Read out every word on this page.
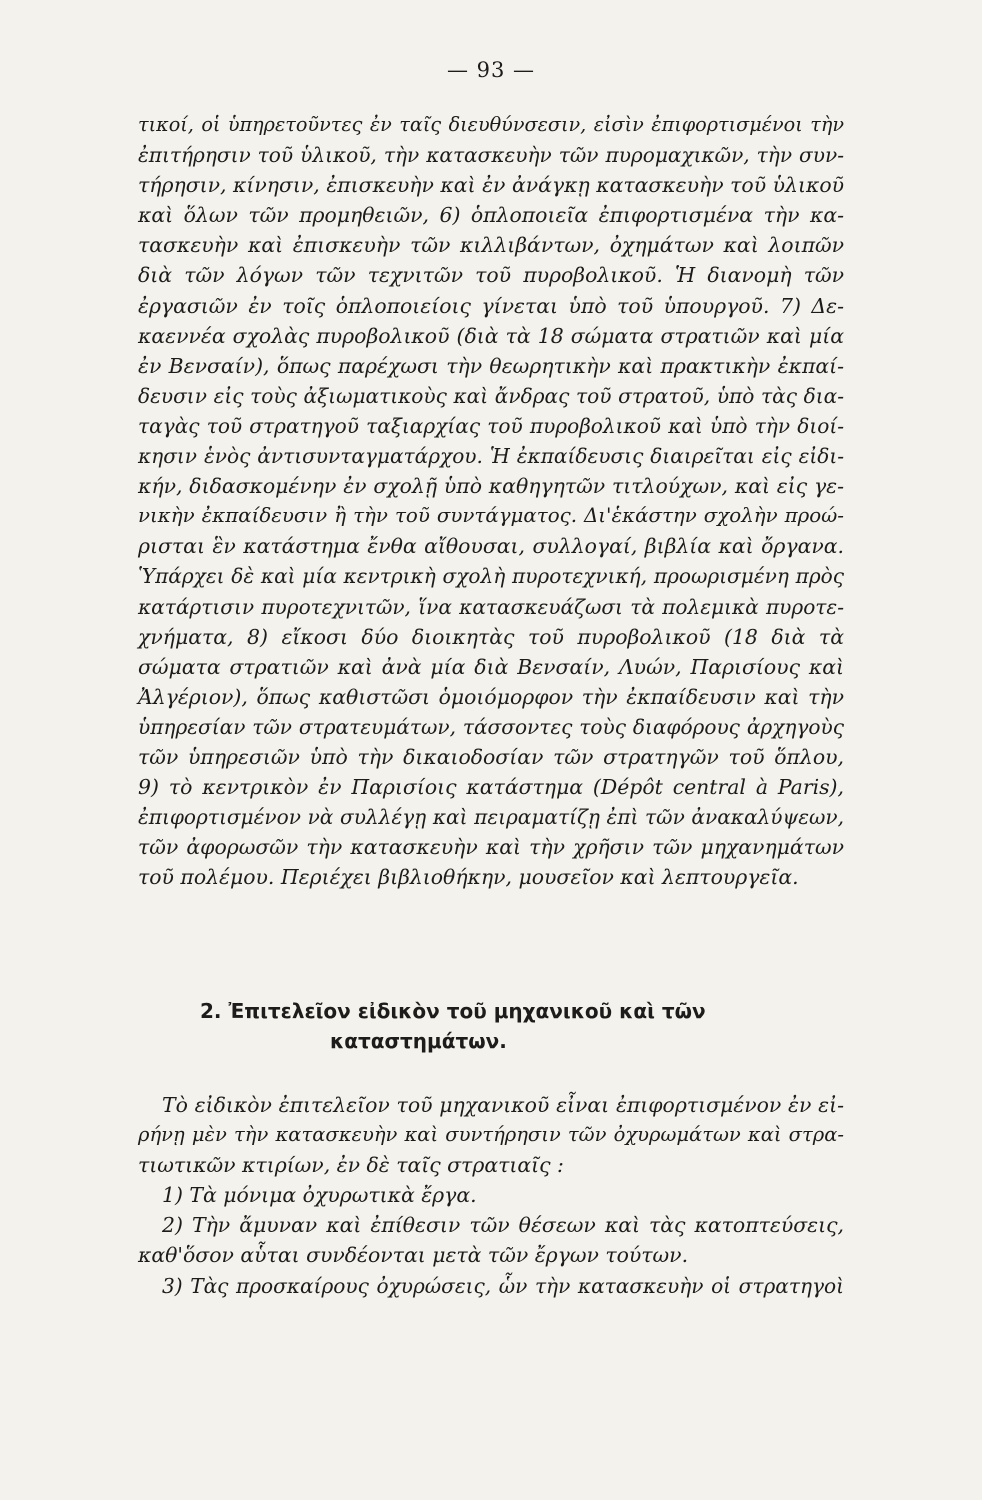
— 93 —
τικοί, οἱ ὑπηρετοῦντες ἐν ταῖς διευθύνσεσιν, εἰσὶν ἐπιφορτισμένοι τὴν
ἐπιτήρησιν τοῦ ὑλικοῦ, τὴν κατασκευὴν τῶν πυρομαχικῶν, τὴν συν-
τήρησιν, κίνησιν, ἐπισκευὴν καὶ ἐν ἀνάγκῃ κατασκευὴν τοῦ ὑλικοῦ
καὶ ὅλων τῶν προμηθειῶν, 6) ὁπλοποιεῖα ἐπιφορτισμένα τὴν κα-
τασκευὴν καὶ ἐπισκευὴν τῶν κιλλιβάντων, ὀχημάτων καὶ λοιπῶν
διὰ τῶν λόγων τῶν τεχνιτῶν τοῦ πυροβολικοῦ. Ἡ διανομὴ τῶν
ἐργασιῶν ἐν τοῖς ὁπλοποιείοις γίνεται ὑπὸ τοῦ ὑπουργοῦ. 7) Δε-
καεννέα σχολὰς πυροβολικοῦ (διὰ τὰ 18 σώματα στρατιῶν καὶ μία
ἐν Βενσαίν), ὅπως παρέχωσι τὴν θεωρητικὴν καὶ πρακτικὴν ἐκπαί-
δευσιν εἰς τοὺς ἀξιωματικοὺς καὶ ἄνδρας τοῦ στρατοῦ, ὑπὸ τὰς δια-
ταγὰς τοῦ στρατηγοῦ ταξιαρχίας τοῦ πυροβολικοῦ καὶ ὑπὸ τὴν διοί-
κησιν ἑνὸς ἀντισυνταγματάρχου. Ἡ ἐκπαίδευσις διαιρεῖται εἰς εἰδι-
κήν, διδασκομένην ἐν σχολῇ ὑπὸ καθηγητῶν τιτλούχων, καὶ εἰς γε-
νικὴν ἐκπαίδευσιν ἢ τὴν τοῦ συντάγματος. Δι'ἑκάστην σχολὴν προώ-
ρισται ἓν κατάστημα ἔνθα αἴθουσαι, συλλογαί, βιβλία καὶ ὄργανα.
Ὑπάρχει δὲ καὶ μία κεντρικὴ σχολὴ πυροτεχνική, προωρισμένη πρὸς
κατάρτισιν πυροτεχνιτῶν, ἵνα κατασκευάζωσι τὰ πολεμικὰ πυροτε-
χνήματα, 8) εἴκοσι δύο διοικητὰς τοῦ πυροβολικοῦ (18 διὰ τὰ
σώματα στρατιῶν καὶ ἀνὰ μία διὰ Βενσαίν, Λυών, Παρισίους καὶ
Ἀλγέριον), ὅπως καθιστῶσι ὁμοιόμορφον τὴν ἐκπαίδευσιν καὶ τὴν
ὑπηρεσίαν τῶν στρατευμάτων, τάσσοντες τοὺς διαφόρους ἀρχηγοὺς
τῶν ὑπηρεσιῶν ὑπὸ τὴν δικαιοδοσίαν τῶν στρατηγῶν τοῦ ὅπλου,
9) τὸ κεντρικὸν ἐν Παρισίοις κατάστημα (Dépôt central à Paris),
ἐπιφορτισμένον νὰ συλλέγῃ καὶ πειραματίζῃ ἐπὶ τῶν ἀνακαλύψεων,
τῶν ἀφορωσῶν τὴν κατασκευὴν καὶ τὴν χρῆσιν τῶν μηχανημάτων
τοῦ πολέμου. Περιέχει βιβλιοθήκην, μουσεῖον καὶ λεπτουργεῖα.
2. Ἐπιτελεῖον εἰδικὸν τοῦ μηχανικοῦ καὶ τῶν
καταστημάτων.
Τὸ εἰδικὸν ἐπιτελεῖον τοῦ μηχανικοῦ εἶναι ἐπιφορτισμένον ἐν εἰ-
ρήνῃ μὲν τὴν κατασκευὴν καὶ συντήρησιν τῶν ὀχυρωμάτων καὶ στρα-
τιωτικῶν κτιρίων, ἐν δὲ ταῖς στρατιαῖς :
1) Τὰ μόνιμα ὀχυρωτικὰ ἔργα.
2) Τὴν ἄμυναν καὶ ἐπίθεσιν τῶν θέσεων καὶ τὰς κατοπτεύσεις,
καθ'ὅσον αὗται συνδέονται μετὰ τῶν ἔργων τούτων.
3) Τὰς προσκαίρους ὀχυρώσεις, ὧν τὴν κατασκευὴν οἱ στρατηγοὶ
